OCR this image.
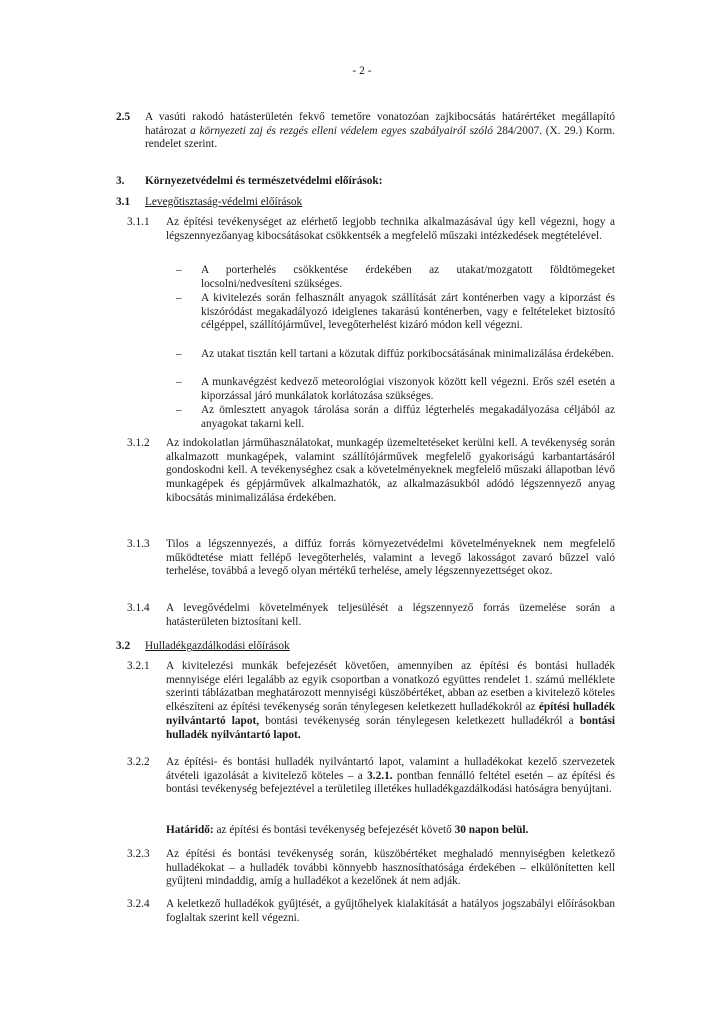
- 2 -
2.5 A vasúti rakodó hatásterületén fekvő temetőre vonatozóan zajkibocsátás határértéket megállapító határozat a környezeti zaj és rezgés elleni védelem egyes szabályairól szóló 284/2007. (X. 29.) Korm. rendelet szerint.

3. Környezetvédelmi és természetvédelmi előírások:
3.1 Levegőtisztaság-védelmi előírások
3.1.1 Az építési tevékenységet az elérhető legjobb technika alkalmazásával úgy kell végezni, hogy a légszennyezőanyag kibocsátásokat csökkentsék a megfelelő műszaki intézkedések megtételével.

– A porterhelés csökkentése érdekében az utakat/mozgatott földtömegeket locsolni/nedvesíteni szükséges.

– A kivitelezés során felhasznált anyagok szállítását zárt konténerben vagy a kiporzást és kiszóródást megakadályozó ideiglenes takarású konténerben, vagy e feltételeket biztosító célgéppel, szállítójárművel, levegőterhelést kizáró módon kell végezni.

– Az utakat tisztán kell tartani a közutak diffúz porkibocsátásának minimalizálása érdekében.

– A munkavégzést kedvező meteorológiai viszonyok között kell végezni. Erős szél esetén a kiporzással járó munkálatok korlátozása szükséges.

– Az ömlesztett anyagok tárolása során a diffúz légterhelés megakadályozása céljából az anyagokat takarni kell.

3.1.2 Az indokolatlan járműhasználatokat, munkagép üzemeltetéseket kerülni kell. A tevékenység során alkalmazott munkagépek, valamint szállítójárművek megfelelő gyakoriságú karbantartásáról gondoskodni kell. A tevékenységhez csak a követelményeknek megfelelő műszaki állapotban lévő munkagépek és gépjárművek alkalmazhatók, az alkalmazásukból adódó légszennyező anyag kibocsátás minimalizálása érdekében.

3.1.3 Tilos a légszennyezés, a diffúz forrás környezetvédelmi követelményeknek nem megfelelő működtetése miatt fellépő levegőterhelés, valamint a levegő lakosságot zavaró bűzzel való terhelése, továbbá a levegő olyan mértékű terhelése, amely légszennyezettséget okoz.

3.1.4 A levegővédelmi követelmények teljesülését a légszennyező forrás üzemelése során a hatásterületen biztosítani kell.

3.2 Hulladékgazdálkodási előírások
3.2.1 A kivitelezési munkák befejezését követően, amennyiben az építési és bontási hulladék mennyisége eléri legalább az egyik csoportban a vonatkozó együttes rendelet 1. számú melléklete szerinti táblázatban meghatározott mennyiségi küszöbértéket, abban az esetben a kivitelező köteles elkészíteni az építési tevékenység során ténylegesen keletkezett hulladékokról az építési hulladék nyilvántartó lapot, bontási tevékenység során ténylegesen keletkezett hulladékról a bontási hulladék nyilvántartó lapot.

3.2.2 Az építési- és bontási hulladék nyilvántartó lapot, valamint a hulladékokat kezelő szervezetek átvételi igazolását a kivitelező köteles – a 3.2.1. pontban fennálló feltétel esetén – az építési és bontási tevékenység befejeztével a területileg illetékes hulladékgazdálkodási hatóságra benyújtani.

Határidő: az építési és bontási tevékenység befejezését követő 30 napon belül.

3.2.3 Az építési és bontási tevékenység során, küszöbértéket meghaladó mennyiségben keletkező hulladékokat – a hulladék további könnyebb hasznosíthatósága érdekében – elkülönítetten kell gyűjteni mindaddig, amíg a hulladékot a kezelőnek át nem adják.

3.2.4 A keletkező hulladékok gyűjtését, a gyűjtőhelyek kialakítását a hatályos jogszabályi előírásokban foglaltak szerint kell végezni.
